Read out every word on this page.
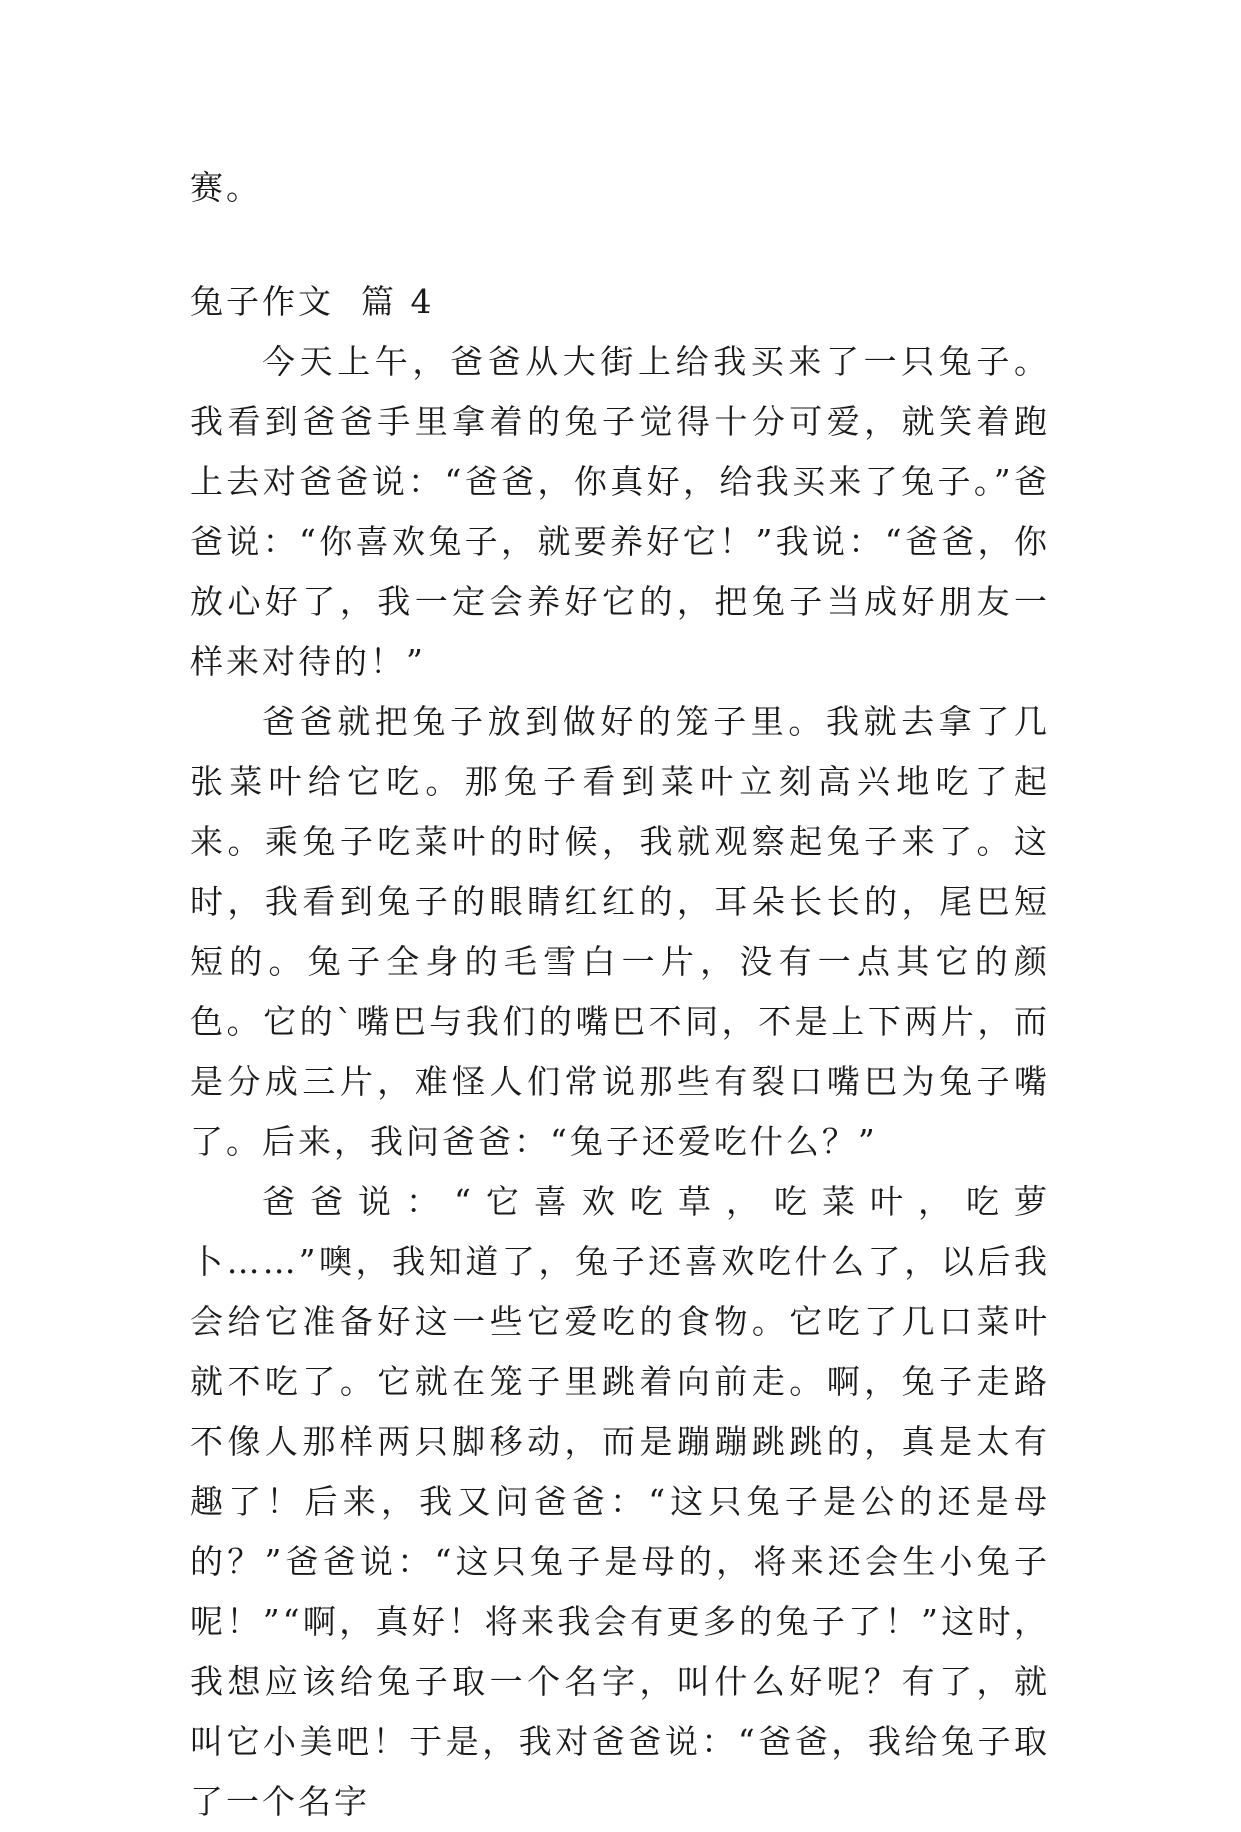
赛。
兔子作文  篇 4

今天上午，爸爸从大街上给我买来了一只兔子。我看到爸爸手里拿着的兔子觉得十分可爱，就笑着跑上去对爸爸说：“爸爸，你真好，给我买来了兔子。”爸爸说：“你喜欢兔子，就要养好它！”我说：“爸爸，你放心好了，我一定会养好它的，把兔子当成好朋友一样来对待的！”

爸爸就把兔子放到做好的笼子里。我就去拿了几张菜叶给它吃。那兔子看到菜叶立刻高兴地吃了起来。乘兔子吃菜叶的时候，我就观察起兔子来了。这时，我看到兔子的眼睛红红的，耳朵长长的，尾巴短短的。兔子全身的毛雪白一片，没有一点其它的颜色。它的`嘴巴与我们的嘴巴不同，不是上下两片，而是分成三片，难怪人们常说那些有裂口嘴巴为兔子嘴了。后来，我问爸爸：“兔子还爱吃什么？”

爸爸说：“它喜欢吃草，吃菜叶，吃萝卜……”噢，我知道了，兔子还喜欢吃什么了，以后我会给它准备好这一些它爱吃的食物。它吃了几口菜叶就不吃了。它就在笼子里跳着向前走。啊，兔子走路不像人那样两只脚移动，而是蹦蹦跳跳的，真是太有趣了！后来，我又问爸爸：“这只兔子是公的还是母的？”爸爸说：“这只兔子是母的，将来还会生小兔子呢！”“啊，真好！将来我会有更多的兔子了！”这时，我想应该给兔子取一个名字，叫什么好呢？有了，就叫它小美吧！于是，我对爸爸说：“爸爸，我给兔子取了一个名字
